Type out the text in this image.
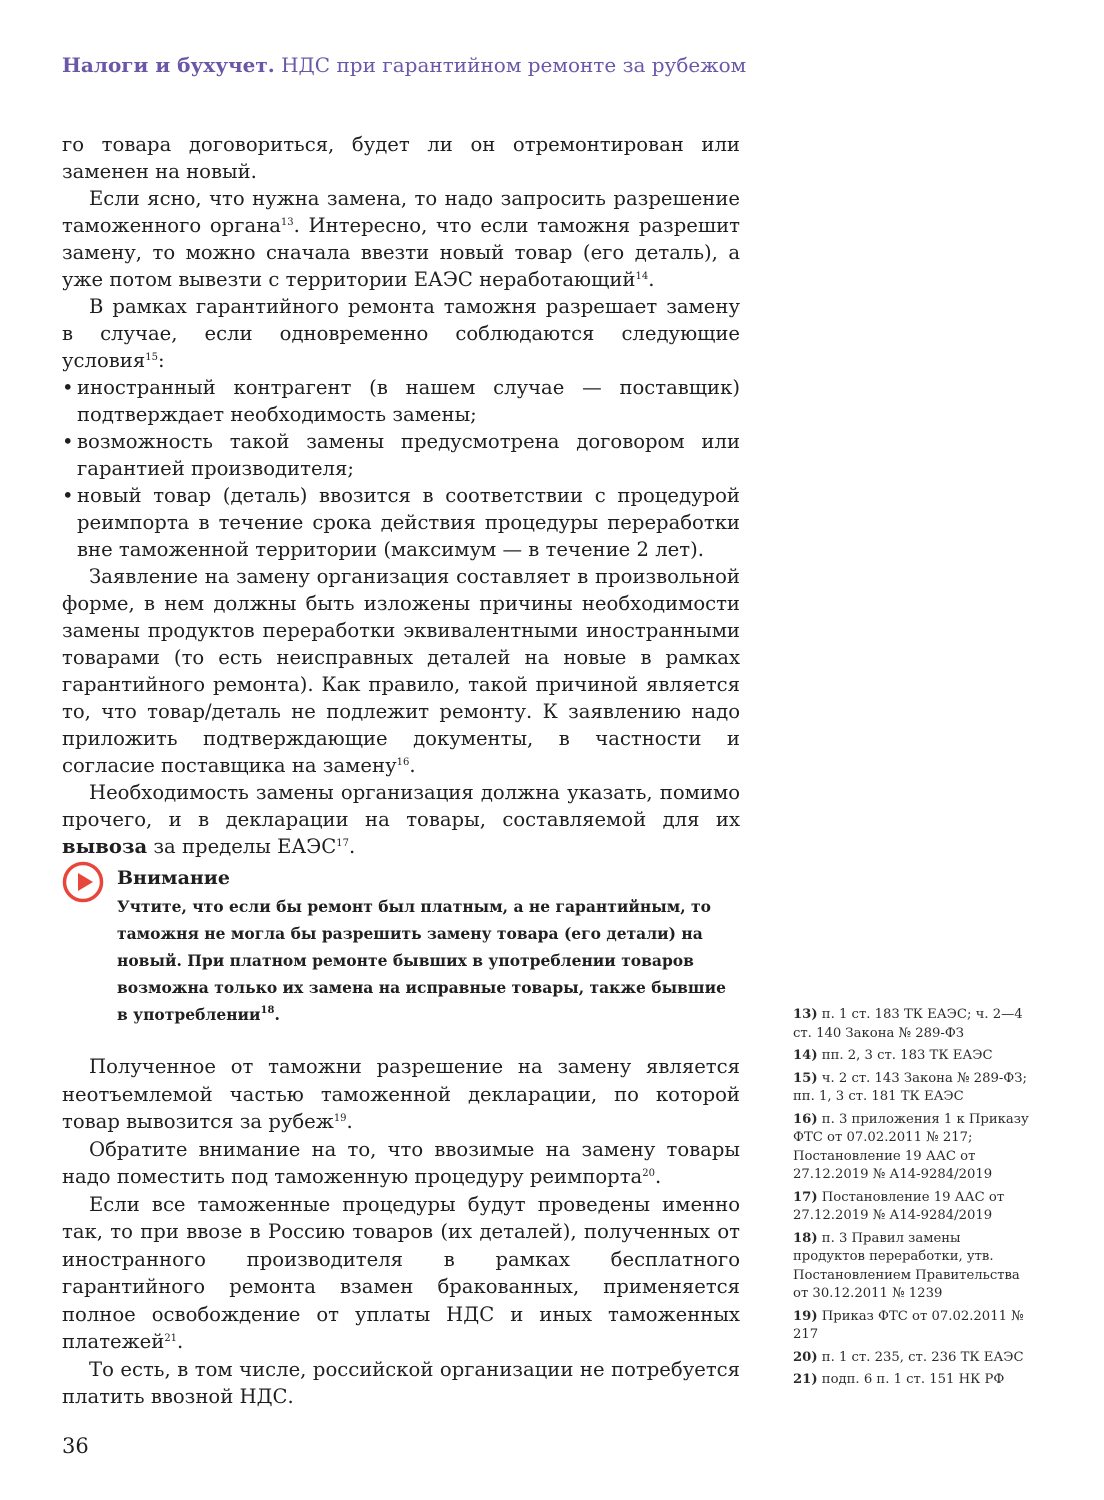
Налоги и бухучет. НДС при гарантийном ремонте за рубежом

го товара договориться, будет ли он отремонтирован или заменен на новый.

Если ясно, что нужна замена, то надо запросить разрешение таможенного органа$^{13}$. Интересно, что если таможня разрешит замену, то можно сначала ввезти новый товар (его деталь), а уже потом вывезти с территории ЕАЭС неработающий$^{14}$.

В рамках гарантийного ремонта таможня разрешает замену в случае, если одновременно соблюдаются следующие условия$^{15}$:

• иностранный контрагент (в нашем случае — поставщик) подтверждает необходимость замены;
• возможность такой замены предусмотрена договором или гарантией производителя;
• новый товар (деталь) ввозится в соответствии с процедурой реимпорта в течение срока действия процедуры переработки вне таможенной территории (максимум — в течение 2 лет).

Заявление на замену организация составляет в произвольной форме, в нем должны быть изложены причины необходимости замены продуктов переработки эквивалентными иностранными товарами (то есть неисправных деталей на новые в рамках гарантийного ремонта). Как правило, такой причиной является то, что товар/деталь не подлежит ремонту. К заявлению надо приложить подтверждающие документы, в частности и согласие поставщика на замену$^{16}$.

Необходимость замены организация должна указать, помимо прочего, и в декларации на товары, составляемой для их вывоза за пределы ЕАЭС$^{17}$.

Внимание
Учтите, что если бы ремонт был платным, а не гарантийным, то таможня не могла бы разрешить замену товара (его детали) на новый. При платном ремонте бывших в употреблении товаров возможна только их замена на исправные товары, также бывшие в употреблении$^{18}$.

Полученное от таможни разрешение на замену является неотъемлемой частью таможенной декларации, по которой товар вывозится за рубеж$^{19}$.

Обратите внимание на то, что ввозимые на замену товары надо поместить под таможенную процедуру реимпорта$^{20}$.

Если все таможенные процедуры будут проведены именно так, то при ввозе в Россию товаров (их деталей), полученных от иностранного производителя в рамках бесплатного гарантийного ремонта взамен бракованных, применяется полное освобождение от уплаты НДС и иных таможенных платежей$^{21}$.

То есть, в том числе, российской организации не потребуется платить ввозной НДС.

13) п. 1 ст. 183 ТК ЕАЭС; ч. 2—4 ст. 140 Закона № 289-ФЗ
14) пп. 2, 3 ст. 183 ТК ЕАЭС
15) ч. 2 ст. 143 Закона № 289-ФЗ; пп. 1, 3 ст. 181 ТК ЕАЭС
16) п. 3 приложения 1 к Приказу ФТС от 07.02.2011 № 217; Постановление 19 ААС от 27.12.2019 № А14-9284/2019
17) Постановление 19 ААС от 27.12.2019 № А14-9284/2019
18) п. 3 Правил замены продуктов переработки, утв. Постановлением Правительства от 30.12.2011 № 1239
19) Приказ ФТС от 07.02.2011 № 217
20) п. 1 ст. 235, ст. 236 ТК ЕАЭС
21) подп. 6 п. 1 ст. 151 НК РФ
36
